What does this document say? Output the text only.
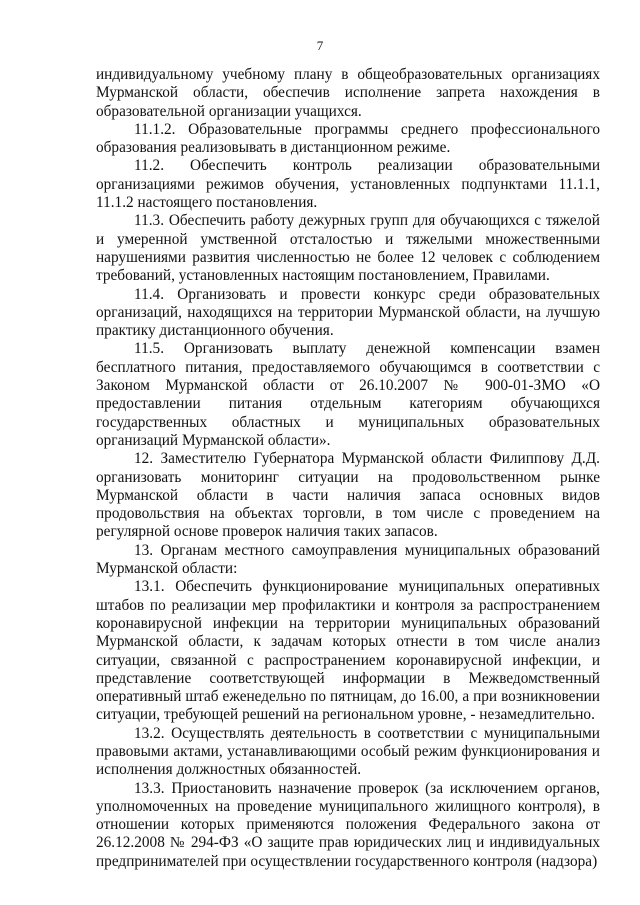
7

индивидуальному учебному плану в общеобразовательных организациях Мурманской области, обеспечив исполнение запрета нахождения в образовательной организации учащихся.

11.1.2. Образовательные программы среднего профессионального образования реализовывать в дистанционном режиме.

11.2. Обеспечить контроль реализации образовательными организациями режимов обучения, установленных подпунктами 11.1.1, 11.1.2 настоящего постановления.

11.3. Обеспечить работу дежурных групп для обучающихся с тяжелой и умеренной умственной отсталостью и тяжелыми множественными нарушениями развития численностью не более 12 человек с соблюдением требований, установленных настоящим постановлением, Правилами.

11.4. Организовать и провести конкурс среди образовательных организаций, находящихся на территории Мурманской области, на лучшую практику дистанционного обучения.

11.5. Организовать выплату денежной компенсации взамен бесплатного питания, предоставляемого обучающимся в соответствии с Законом Мурманской области от 26.10.2007 № 900-01-ЗМО «О предоставлении питания отдельным категориям обучающихся государственных областных и муниципальных образовательных организаций Мурманской области».

12. Заместителю Губернатора Мурманской области Филиппову Д.Д. организовать мониторинг ситуации на продовольственном рынке Мурманской области в части наличия запаса основных видов продовольствия на объектах торговли, в том числе с проведением на регулярной основе проверок наличия таких запасов.

13. Органам местного самоуправления муниципальных образований Мурманской области:

13.1. Обеспечить функционирование муниципальных оперативных штабов по реализации мер профилактики и контроля за распространением коронавирусной инфекции на территории муниципальных образований Мурманской области, к задачам которых отнести в том числе анализ ситуации, связанной с распространением коронавирусной инфекции, и представление соответствующей информации в Межведомственный оперативный штаб еженедельно по пятницам, до 16.00, а при возникновении ситуации, требующей решений на региональном уровне, - незамедлительно.

13.2. Осуществлять деятельность в соответствии с муниципальными правовыми актами, устанавливающими особый режим функционирования и исполнения должностных обязанностей.

13.3. Приостановить назначение проверок (за исключением органов, уполномоченных на проведение муниципального жилищного контроля), в отношении которых применяются положения Федерального закона от 26.12.2008 № 294-ФЗ «О защите прав юридических лиц и индивидуальных предпринимателей при осуществлении государственного контроля (надзора)
